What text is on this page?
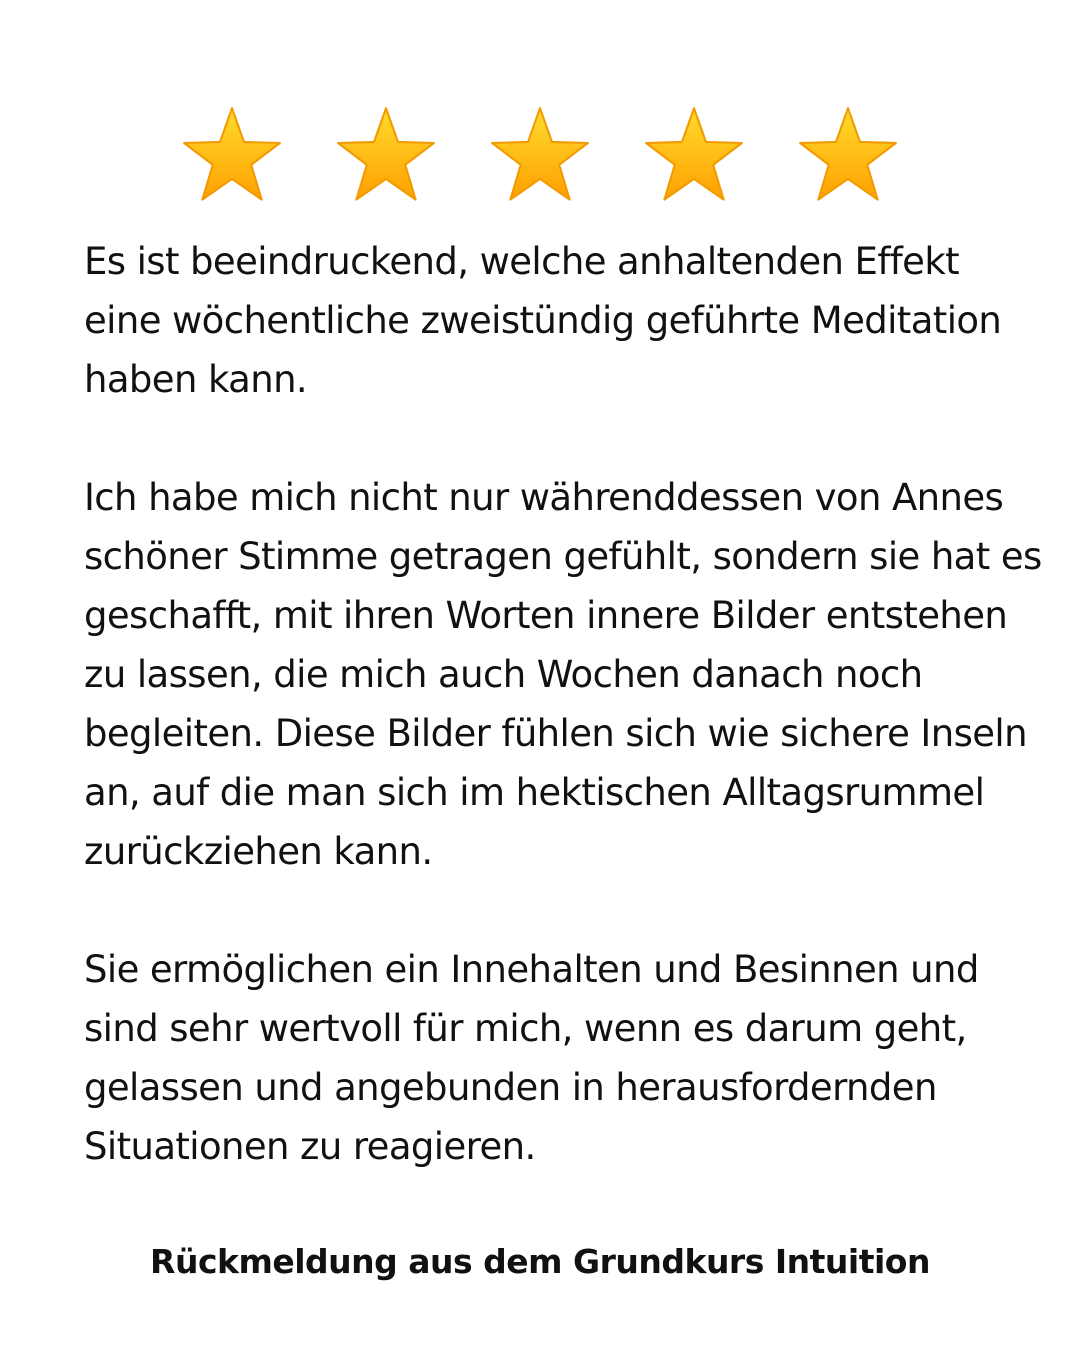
Es ist beeindruckend, welche anhaltenden Effekt eine wöchentliche zweistündig geführte Meditation haben kann.

Ich habe mich nicht nur währenddessen von Annes schöner Stimme getragen gefühlt, sondern sie hat es geschafft, mit ihren Worten innere Bilder entstehen zu lassen, die mich auch Wochen danach noch begleiten. Diese Bilder fühlen sich wie sichere Inseln an, auf die man sich im hektischen Alltagsrummel zurückziehen kann.

Sie ermöglichen ein Innehalten und Besinnen und sind sehr wertvoll für mich, wenn es darum geht, gelassen und angebunden in herausfordernden Situationen zu reagieren.

Rückmeldung aus dem Grundkurs Intuition
